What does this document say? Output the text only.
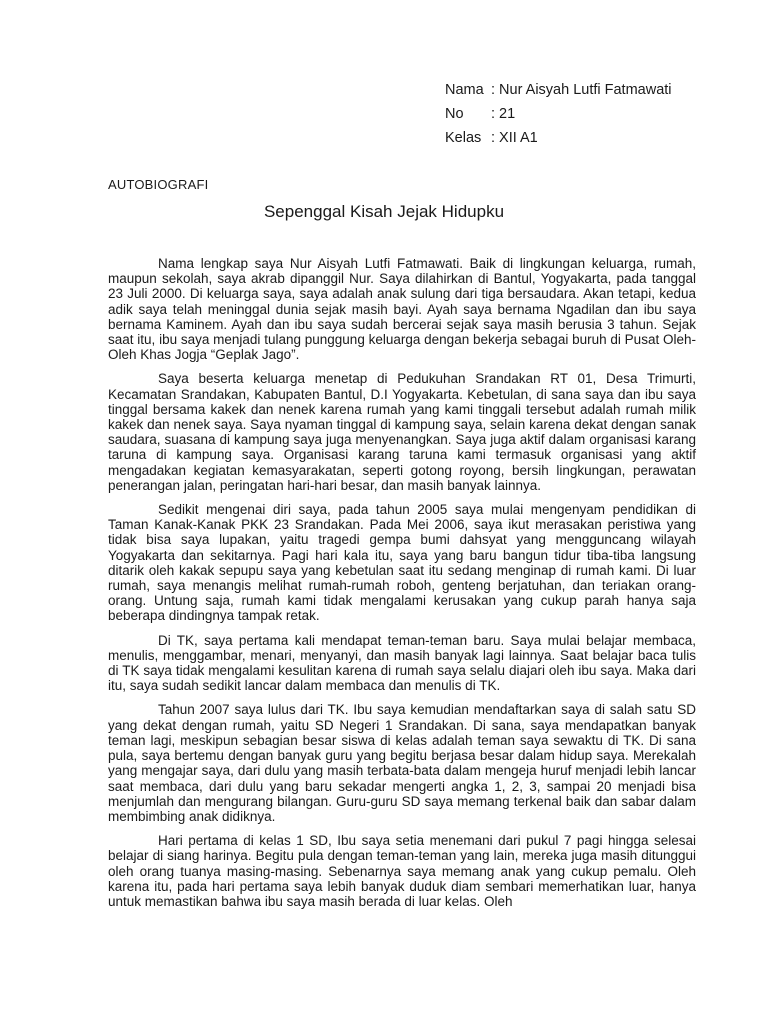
Nama : Nur Aisyah Lutfi Fatmawati
No	: 21
Kelas : XII A1
AUTOBIOGRAFI
Sepenggal Kisah Jejak Hidupku

Nama lengkap saya Nur Aisyah Lutfi Fatmawati. Baik di lingkungan keluarga, rumah, maupun sekolah, saya akrab dipanggil Nur. Saya dilahirkan di Bantul, Yogyakarta, pada tanggal 23 Juli 2000. Di keluarga saya, saya adalah anak sulung dari tiga bersaudara. Akan tetapi, kedua adik saya telah meninggal dunia sejak masih bayi. Ayah saya bernama Ngadilan dan ibu saya bernama Kaminem. Ayah dan ibu saya sudah bercerai sejak saya masih berusia 3 tahun. Sejak saat itu, ibu saya menjadi tulang punggung keluarga dengan bekerja sebagai buruh di Pusat Oleh-Oleh Khas Jogja “Geplak Jago”.

Saya beserta keluarga menetap di Pedukuhan Srandakan RT 01, Desa Trimurti, Kecamatan Srandakan, Kabupaten Bantul, D.I Yogyakarta. Kebetulan, di sana saya dan ibu saya tinggal bersama kakek dan nenek karena rumah yang kami tinggali tersebut adalah rumah milik kakek dan nenek saya. Saya nyaman tinggal di kampung saya, selain karena dekat dengan sanak saudara, suasana di kampung saya juga menyenangkan. Saya juga aktif dalam organisasi karang taruna di kampung saya. Organisasi karang taruna kami termasuk organisasi yang aktif mengadakan kegiatan kemasyarakatan, seperti gotong royong, bersih lingkungan, perawatan penerangan jalan, peringatan hari-hari besar, dan masih banyak lainnya.

Sedikit mengenai diri saya, pada tahun 2005 saya mulai mengenyam pendidikan di Taman Kanak-Kanak PKK 23 Srandakan. Pada Mei 2006, saya ikut merasakan peristiwa yang tidak bisa saya lupakan, yaitu tragedi gempa bumi dahsyat yang mengguncang wilayah Yogyakarta dan sekitarnya. Pagi hari kala itu, saya yang baru bangun tidur tiba-tiba langsung ditarik oleh kakak sepupu saya yang kebetulan saat itu sedang menginap di rumah kami. Di luar rumah, saya menangis melihat rumah-rumah roboh, genteng berjatuhan, dan teriakan orang-orang. Untung saja, rumah kami tidak mengalami kerusakan yang cukup parah hanya saja beberapa dindingnya tampak retak.

Di TK, saya pertama kali mendapat teman-teman baru. Saya mulai belajar membaca, menulis, menggambar, menari, menyanyi, dan masih banyak lagi lainnya. Saat belajar baca tulis di TK saya tidak mengalami kesulitan karena di rumah saya selalu diajari oleh ibu saya. Maka dari itu, saya sudah sedikit lancar dalam membaca dan menulis di TK.

Tahun 2007 saya lulus dari TK. Ibu saya kemudian mendaftarkan saya di salah satu SD yang dekat dengan rumah, yaitu SD Negeri 1 Srandakan. Di sana, saya mendapatkan banyak teman lagi, meskipun sebagian besar siswa di kelas adalah teman saya sewaktu di TK. Di sana pula, saya bertemu dengan banyak guru yang begitu berjasa besar dalam hidup saya. Merekalah yang mengajar saya, dari dulu yang masih terbata-bata dalam mengeja huruf menjadi lebih lancar saat membaca, dari dulu yang baru sekadar mengerti angka 1, 2, 3, sampai 20 menjadi bisa menjumlah dan mengurang bilangan. Guru-guru SD saya memang terkenal baik dan sabar dalam membimbing anak didiknya.

Hari pertama di kelas 1 SD, Ibu saya setia menemani dari pukul 7 pagi hingga selesai belajar di siang harinya. Begitu pula dengan teman-teman yang lain, mereka juga masih ditunggui oleh orang tuanya masing-masing. Sebenarnya saya memang anak yang cukup pemalu. Oleh karena itu, pada hari pertama saya lebih banyak duduk diam sembari memerhatikan luar, hanya untuk memastikan bahwa ibu saya masih berada di luar kelas. Oleh
